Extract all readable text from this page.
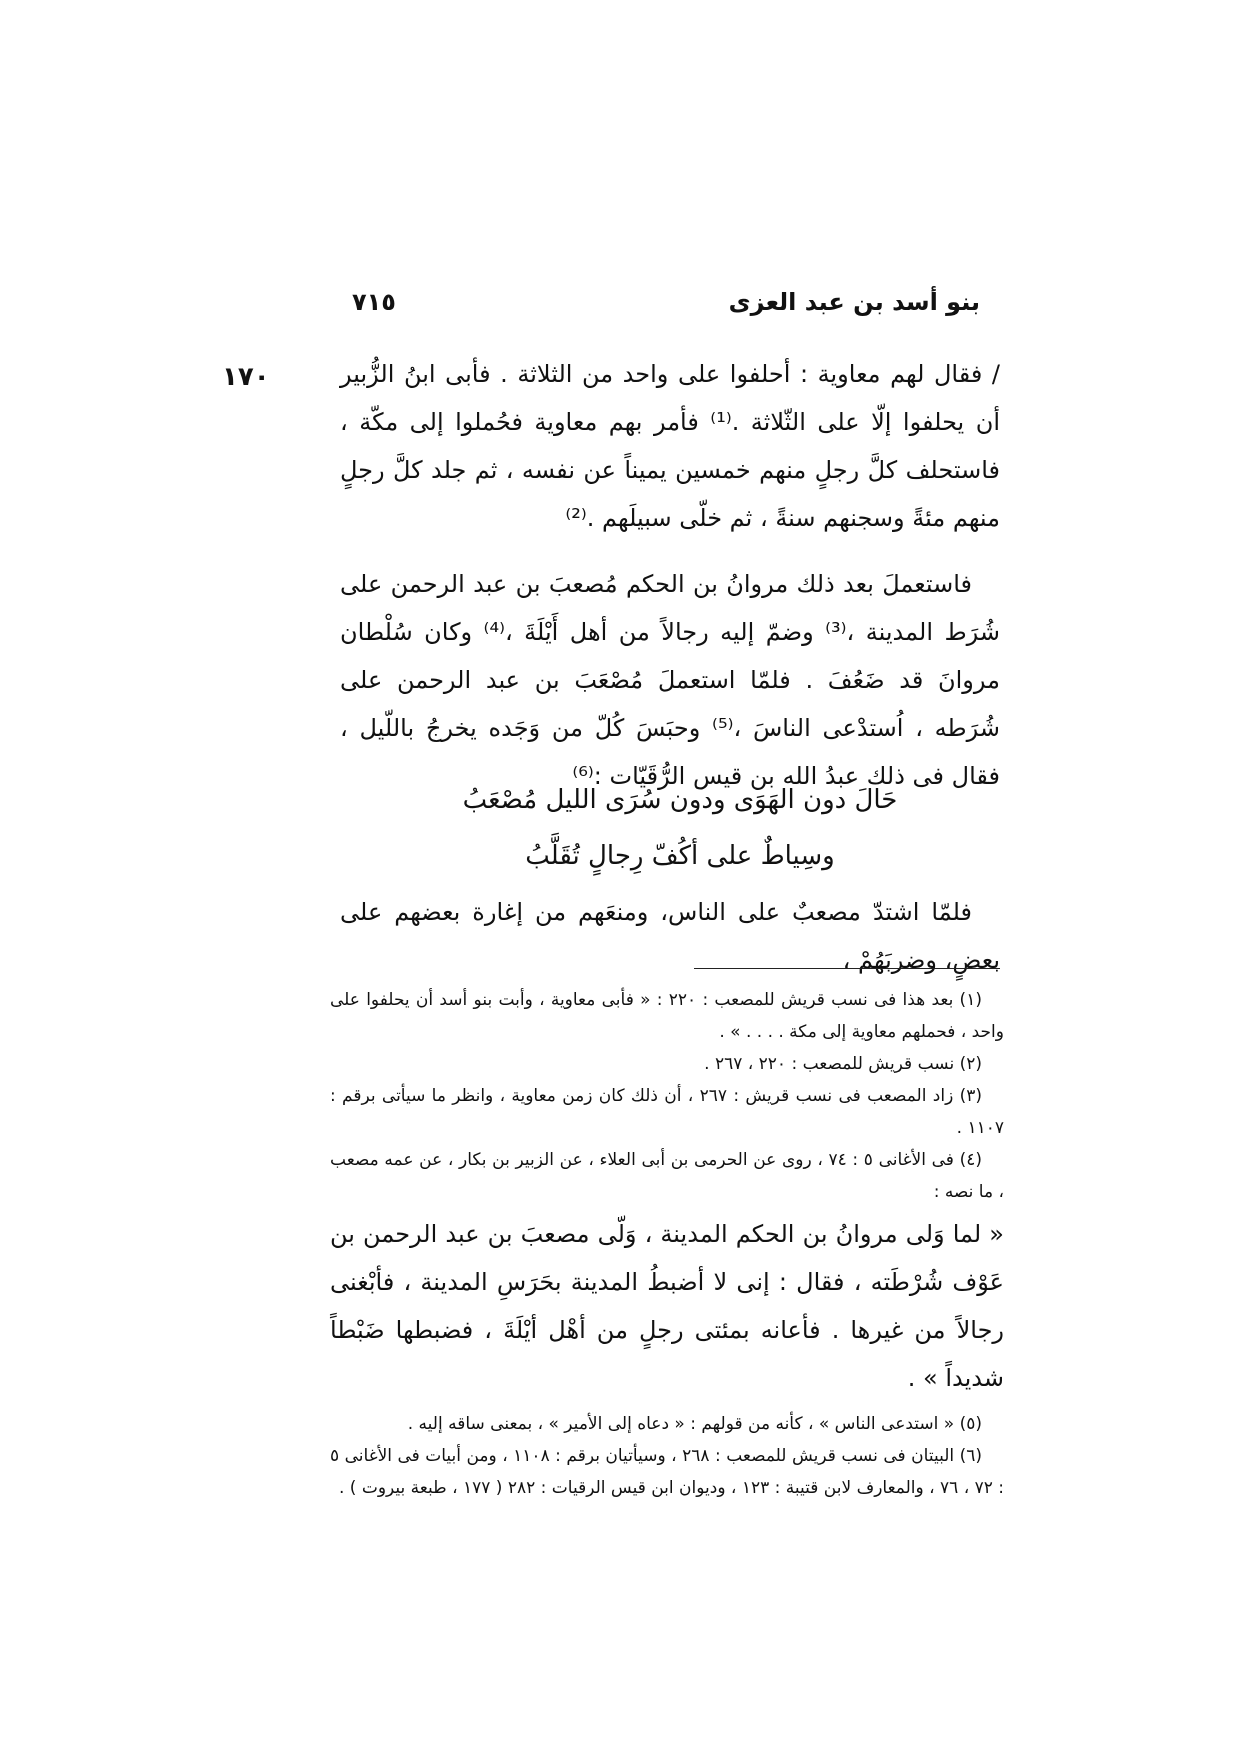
بنو أسد بن عبد العزى
٧١٥
١٧٠	/ فقال لهم معاوية : أحلفوا على واحد من الثلاثة . فأبى ابنُ الزُّبير أن يحلفوا إلّا على الثّلاثة .⁽¹⁾ فأمر بهم معاوية فحُملوا إلى مكّة ، فاستحلف كلَّ رجلٍ منهم خمسين يميناً عن نفسه ، ثم جلد كلَّ رجلٍ منهم مئةً وسجنهم سنةً ، ثم خلّى سبيلَهم .⁽²⁾

فاستعملَ بعد ذلك مروانُ بن الحكم مُصعبَ بن عبد الرحمن على شُرَط المدينة ،⁽³⁾ وضمّ إليه رجالاً من أهل أَيْلَةَ ،⁽⁴⁾ وكان سُلْطان مروانَ قد ضَعُفَ . فلمّا استعملَ مُصْعَبَ بن عبد الرحمن على شُرَطه ، اُستدْعى الناسَ ،⁽⁵⁾ وحبَسَ كُلّ من وَجَده يخرجُ باللّيل ، فقال فى ذلك عبدُ الله بن قيس الرُّقَيّات :⁽⁶⁾

حَالَ دون الهَوَى ودون سُرَى الليل مُصْعَبُ
وسِياطٌ على أكُفّ رِجالٍ تُقَلَّبُ

فلمّا اشتدّ مصعبٌ على الناس، ومنعَهم من إغارة بعضهم على بعضٍ، وضربَهُمْ ،

(١) بعد هذا فى نسب قريش للمصعب : ٢٢٠ : « فأبى معاوية ، وأبت بنو أسد أن يحلفوا على واحد ، فحملهم معاوية إلى مكة . . . . » .

(٢) نسب قريش للمصعب : ٢٢٠ ، ٢٦٧ .

(٣) زاد المصعب فى نسب قريش : ٢٦٧ ، أن ذلك كان زمن معاوية ، وانظر ما سيأتى برقم : ١١٠٧ .

(٤) فى الأغانى ٥ : ٧٤ ، روى عن الحرمى بن أبى العلاء ، عن الزبير بن بكار ، عن عمه مصعب ، ما نصه :

« لما وَلى مروانُ بن الحكم المدينة ، وَلّى مصعبَ بن عبد الرحمن بن عَوْف شُرْطَته ، فقال : إنى لا أضبطُ المدينة بحَرَسِ المدينة ، فأبْغنى رجالاً من غيرها . فأعانه بمئتى رجلٍ من أهْل أيْلَةَ ، فضبطها ضَبْطاً شديداً » .

(٥) « استدعى الناس » ، كأنه من قولهم : « دعاه إلى الأمير » ، بمعنى ساقه إليه .

(٦) البيتان فى نسب قريش للمصعب : ٢٦٨ ، وسيأتيان برقم : ١١٠٨ ، ومن أبيات فى الأغانى ٥ : ٧٢ ، ٧٦ ، والمعارف لابن قتيبة : ١٢٣ ، وديوان ابن قيس الرقيات : ٢٨٢ ( ١٧٧ ، طبعة بيروت ) .
